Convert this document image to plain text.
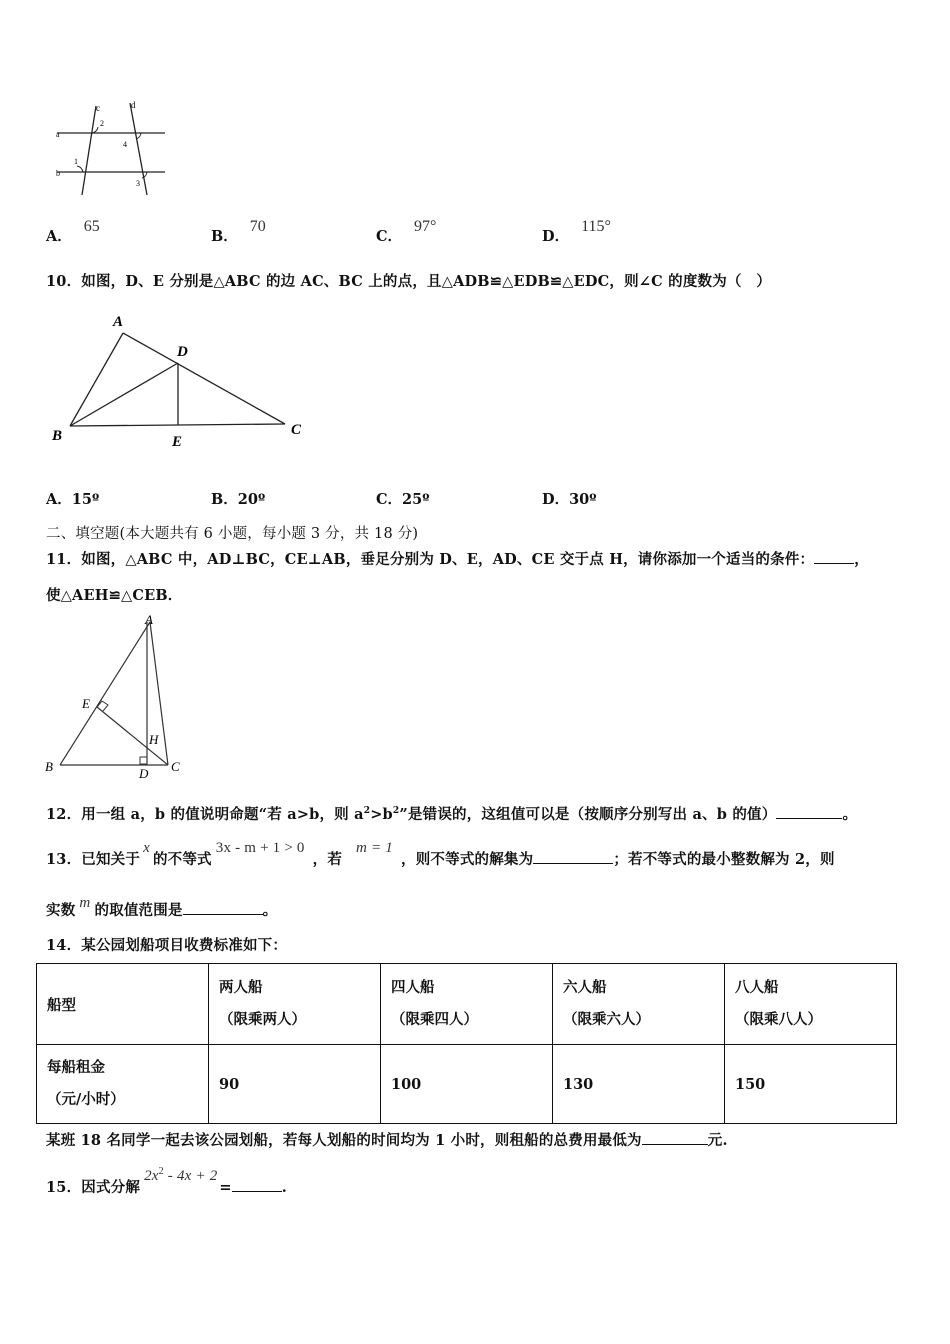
c	d
a
b
1
2
3
4
A．65
B．70
C．97°
D．115°
10．如图，D、E 分别是△ABC 的边 AC、BC 上的点，且△ADB≌△EDB≌△EDC，则∠C 的度数为（　）
A
D
B	E
C
A．15º	B．20º	C．25º	D．30º
二、填空题(本大题共有 6 小题，每小题 3 分，共 18 分)
11．如图，△ABC 中，AD⊥BC，CE⊥AB，垂足分别为 D、E，AD、CE 交于点 H，请你添加一个适当的条件：	，
使△AEH≌△CEB．
A
E
H
B	D C
12．用一组 a，b 的值说明命题“若 a>b，则 $a^2>b^2$”是错误的，这组值可以是（按顺序分别写出 a、b 的值）	。
13．已知关于x的不等式3x - m + 1 > 0，若m = 1，则不等式的解集为	；若不等式的最小整数解为 2，则
实数 m 的取值范围是	。
14．某公园划船项目收费标准如下：
船型	两人船
（限乘两人）	四人船
（限乘四人）	六人船
（限乘六人）	八人船
（限乘八人）

每船租金
（元/小时）	90	100	130	150
某班 18 名同学一起去该公园划船，若每人划船的时间均为 1 小时，则租船的总费用最低为	元.
15．因式分解$2x^2 - 4x + 2=$	.
